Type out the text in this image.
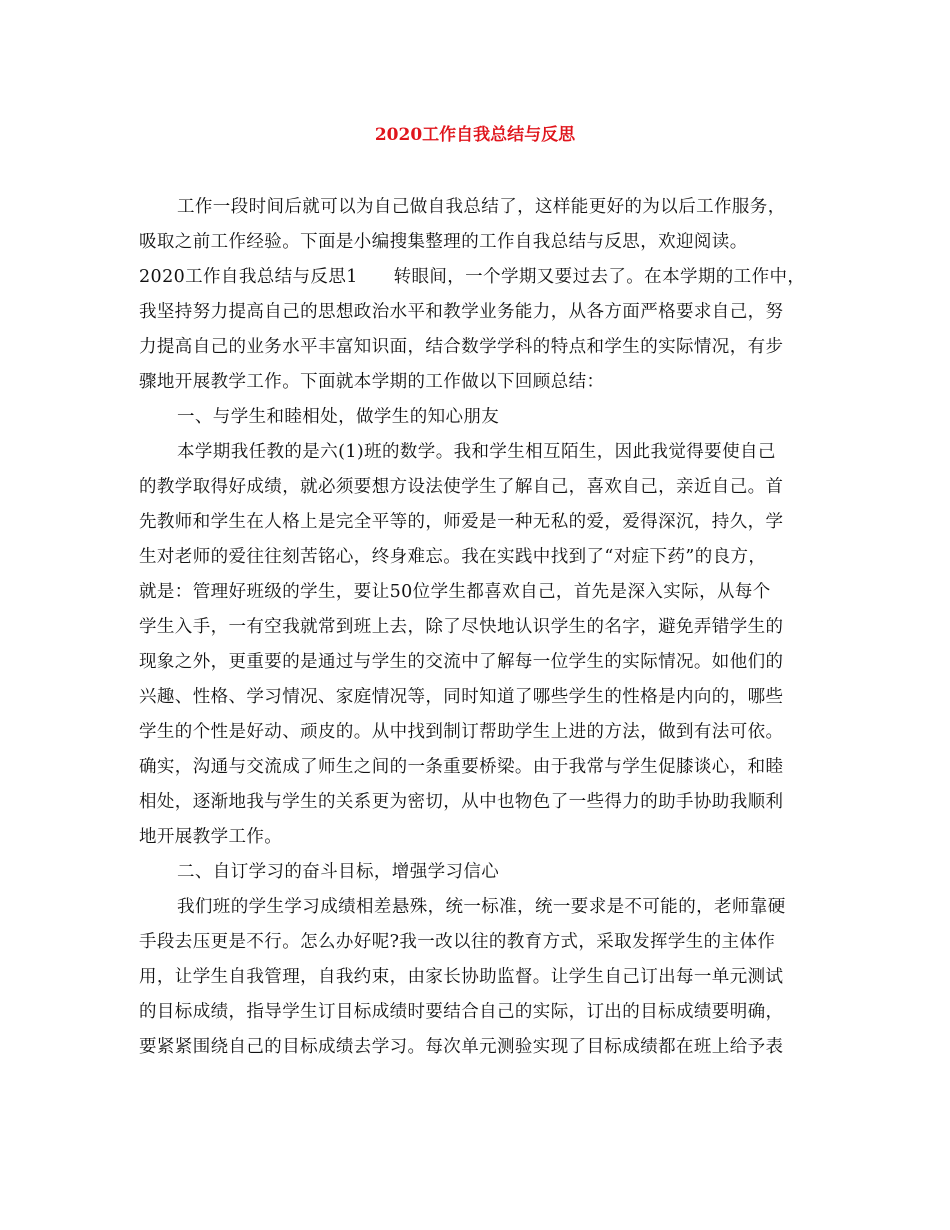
2020工作自我总结与反思
工作一段时间后就可以为自己做自我总结了，这样能更好的为以后工作服务，
吸取之前工作经验。下面是小编搜集整理的工作自我总结与反思，欢迎阅读。
2020工作自我总结与反思1　　转眼间，一个学期又要过去了。在本学期的工作中，
我坚持努力提高自己的思想政治水平和教学业务能力，从各方面严格要求自己，努
力提高自己的业务水平丰富知识面，结合数学学科的特点和学生的实际情况，有步
骤地开展教学工作。下面就本学期的工作做以下回顾总结：
一、与学生和睦相处，做学生的知心朋友
本学期我任教的是六(1)班的数学。我和学生相互陌生，因此我觉得要使自己
的教学取得好成绩，就必须要想方设法使学生了解自己，喜欢自己，亲近自己。首
先教师和学生在人格上是完全平等的，师爱是一种无私的爱，爱得深沉，持久，学
生对老师的爱往往刻苦铭心，终身难忘。我在实践中找到了“对症下药”的良方，
就是：管理好班级的学生，要让50位学生都喜欢自己，首先是深入实际，从每个
学生入手，一有空我就常到班上去，除了尽快地认识学生的名字，避免弄错学生的
现象之外，更重要的是通过与学生的交流中了解每一位学生的实际情况。如他们的
兴趣、性格、学习情况、家庭情况等，同时知道了哪些学生的性格是内向的，哪些
学生的个性是好动、顽皮的。从中找到制订帮助学生上进的方法，做到有法可依。
确实，沟通与交流成了师生之间的一条重要桥梁。由于我常与学生促膝谈心，和睦
相处，逐渐地我与学生的关系更为密切，从中也物色了一些得力的助手协助我顺利
地开展教学工作。
二、自订学习的奋斗目标，增强学习信心
我们班的学生学习成绩相差悬殊，统一标准，统一要求是不可能的，老师靠硬
手段去压更是不行。怎么办好呢?我一改以往的教育方式，采取发挥学生的主体作
用，让学生自我管理，自我约束，由家长协助监督。让学生自己订出每一单元测试
的目标成绩，指导学生订目标成绩时要结合自己的实际，订出的目标成绩要明确，
要紧紧围绕自己的目标成绩去学习。每次单元测验实现了目标成绩都在班上给予表
